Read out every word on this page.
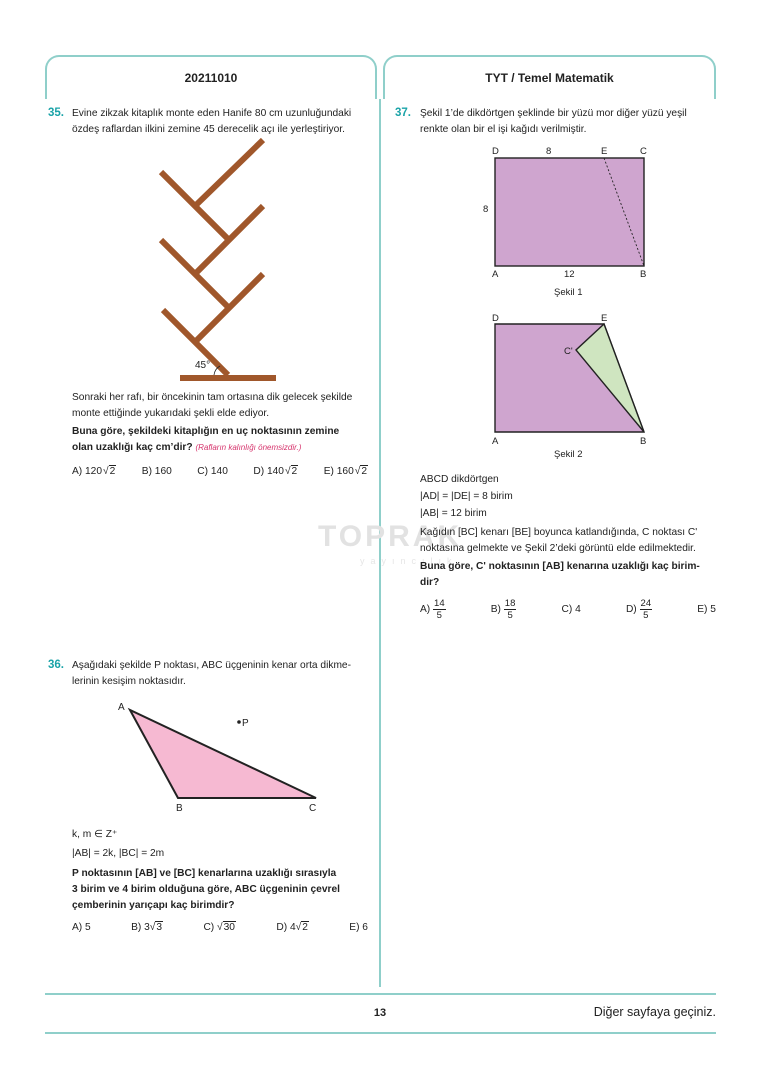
20211010	TYT / Temel Matematik
TOPRAK
yayıncılık
35. Evine zikzak kitaplık monte eden Hanife 80 cm uzunluğundaki
özdeş raflardan ilkini zemine 45 derecelik açı ile yerleştiriyor.
45°
Sonraki her rafı, bir öncekinin tam ortasına dik gelecek şekilde
monte ettiğinde yukarıdaki şekli elde ediyor.
Buna göre, şekildeki kitaplığın en uç noktasının zemine
olan uzaklığı kaç cm’dir? (Rafların kalınlığı önemsizdir.)
A) 120√2	B) 160	C) 140	D) 140√2	E) 160√2
36. Aşağıdaki şekilde P noktası, ABC üçgeninin kenar orta dikme-
lerinin kesişim noktasıdır.
A
B	C
P
k, m ∈ Z⁺
|AB| = 2k, |BC| = 2m
P noktasının [AB] ve [BC] kenarlarına uzaklığı sırasıyla
3 birim ve 4 birim olduğuna göre, ABC üçgeninin çevrel
çemberinin yarıçapı kaç birimdir?
A) 5	B) 3√3	C) √30	D) 4√2	E) 6
37. Şekil 1’de dikdörtgen şeklinde bir yüzü mor diğer yüzü yeşil
renkte olan bir el işi kağıdı verilmiştir.
D	8	E	C
8
A	12	B
Şekil 1
D	E
C'
A	B
Şekil 2
ABCD dikdörtgen
|AD| = |DE| = 8 birim
|AB| = 12 birim
Kağıdın [BC] kenarı [BE] boyunca katlandığında, C noktası C'
noktasına gelmekte ve Şekil 2’deki görüntü elde edilmektedir.
Buna göre, C' noktasının [AB] kenarına uzaklığı kaç birim-
dir?
$A) \frac{14}{5}$	$B) \frac{18}{5}$	C) 4	$D) \frac{24}{5}$	E) 5
13	Diğer sayfaya geçiniz.
